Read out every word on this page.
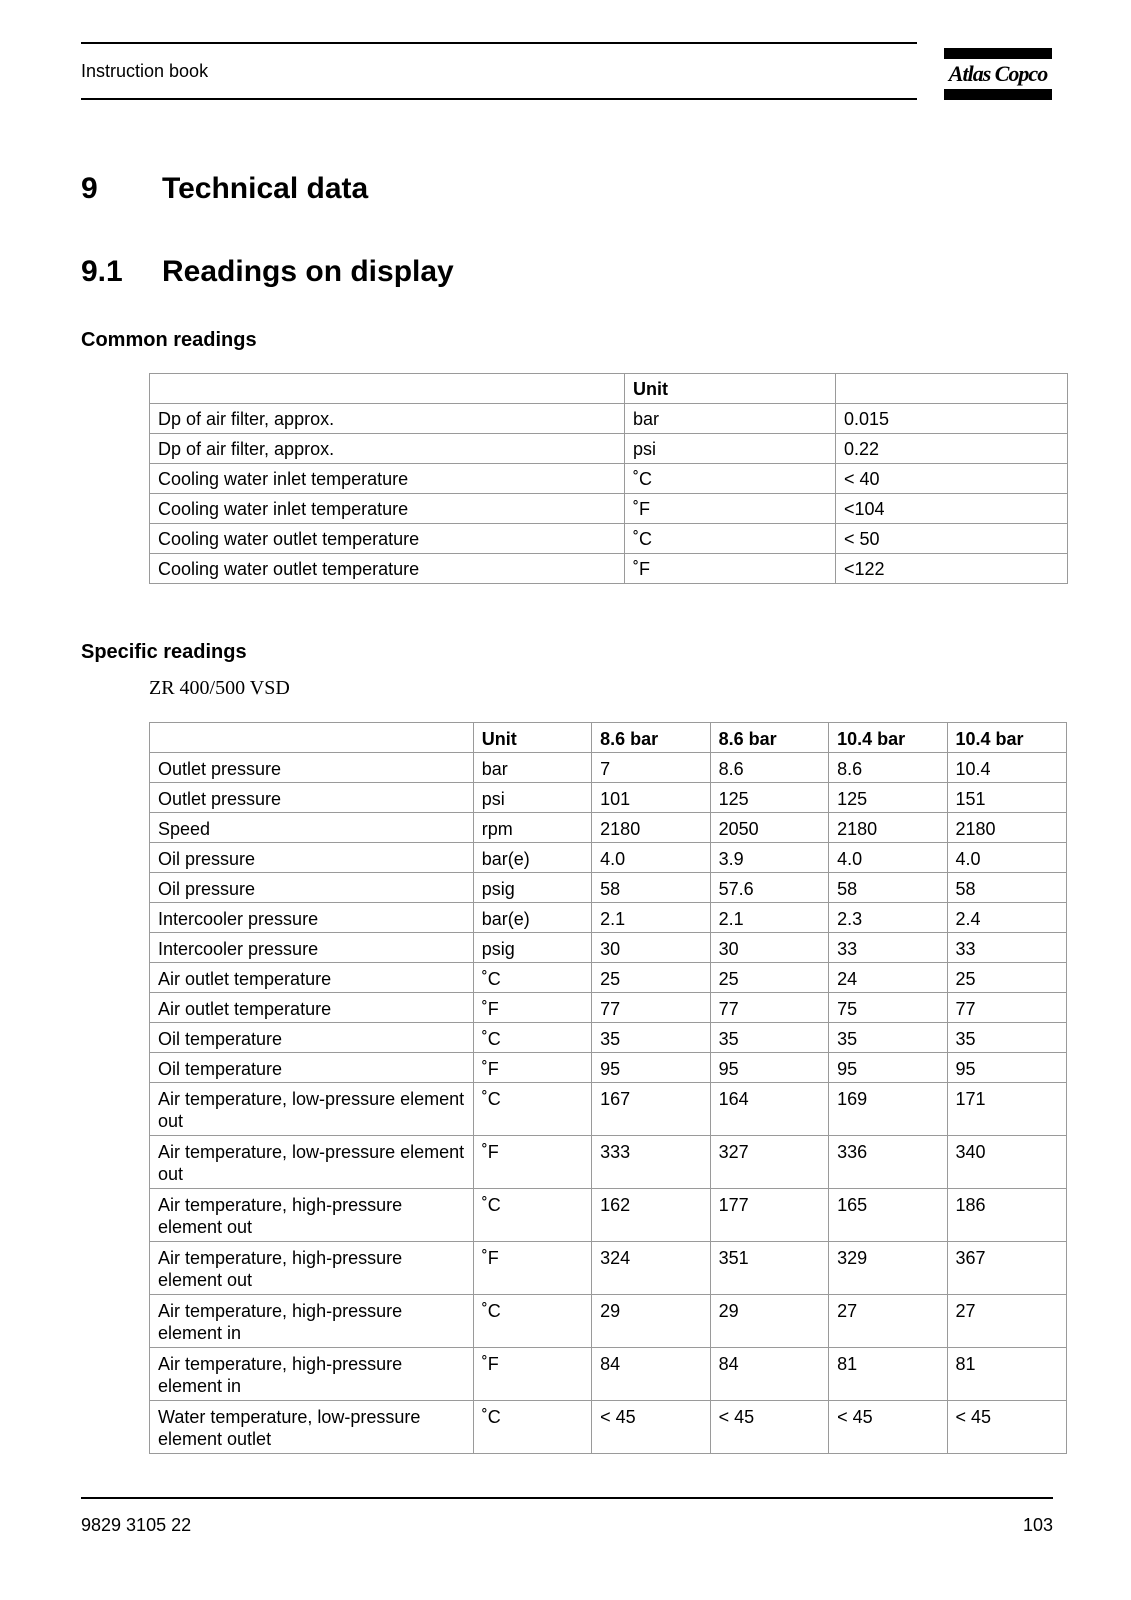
Instruction book	Atlas Copco
9 Technical data
9.1 Readings on display
Common readings
	Unit	
Dp of air filter, approx.	bar	0.015
Dp of air filter, approx.	psi	0.22
Cooling water inlet temperature	˚C	< 40
Cooling water inlet temperature	˚F	<104
Cooling water outlet temperature	˚C	< 50
Cooling water outlet temperature	˚F	<122
Specific readings
ZR 400/500 VSD
	Unit	8.6 bar	8.6 bar	10.4 bar	10.4 bar
Outlet pressure	bar	7	8.6	8.6	10.4
Outlet pressure	psi	101	125	125	151
Speed	rpm	2180	2050	2180	2180
Oil pressure	bar(e)	4.0	3.9	4.0	4.0
Oil pressure	psig	58	57.6	58	58
Intercooler pressure	bar(e)	2.1	2.1	2.3	2.4
Intercooler pressure	psig	30	30	33	33
Air outlet temperature	˚C	25	25	24	25
Air outlet temperature	˚F	77	77	75	77
Oil temperature	˚C	35	35	35	35
Oil temperature	˚F	95	95	95	95
Air temperature, low-pressure element out	˚C	167	164	169	171
Air temperature, low-pressure element out	˚F	333	327	336	340
Air temperature, high-pressure element out	˚C	162	177	165	186
Air temperature, high-pressure element out	˚F	324	351	329	367
Air temperature, high-pressure element in	˚C	29	29	27	27
Air temperature, high-pressure element in	˚F	84	84	81	81
Water temperature, low-pressure element outlet	˚C	< 45	< 45	< 45	< 45
9829 3105 22	103
